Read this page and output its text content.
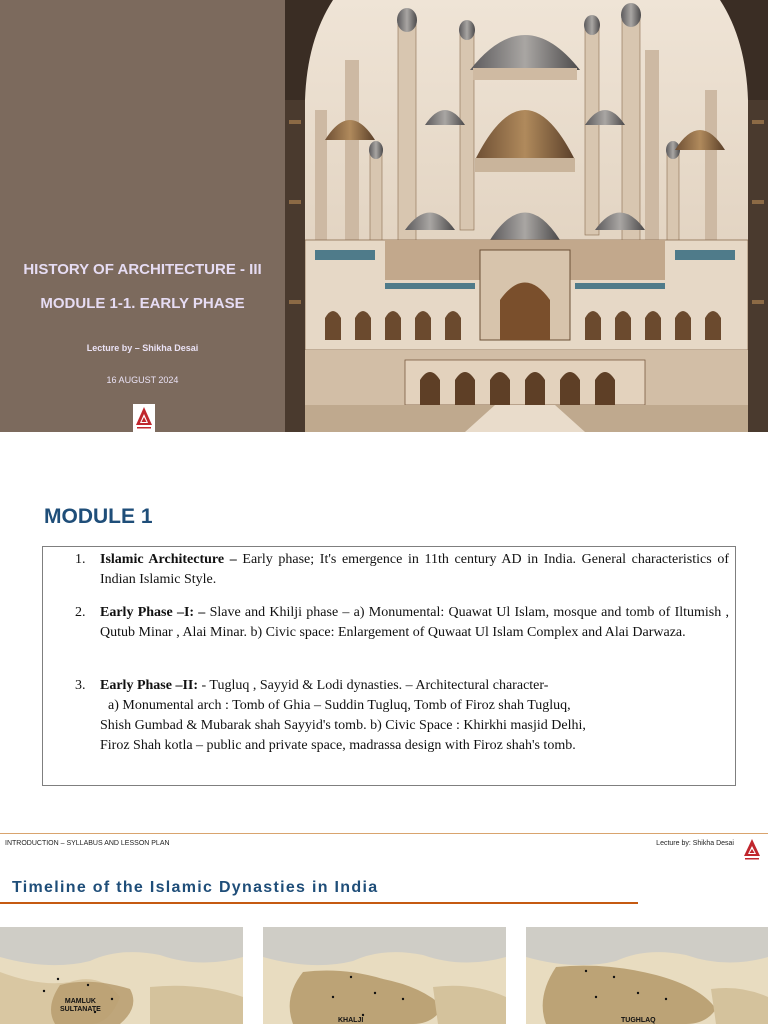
HISTORY OF ARCHITECTURE - III
MODULE 1-1. EARLY PHASE
Lecture by – Shikha Desai
16 AUGUST 2024
MODULE 1
1. Islamic Architecture – Early phase; It's emergence in 11th century AD in India. General characteristics of Indian Islamic Style.
2. Early Phase –I: – Slave and Khilji phase – a) Monumental: Quawat Ul Islam, mosque and tomb of Iltumish , Qutub Minar , Alai Minar. b) Civic space: Enlargement of Quwaat Ul Islam Complex and Alai Darwaza.
3. Early Phase –II: - Tugluq , Sayyid & Lodi dynasties. – Architectural character-
a) Monumental arch : Tomb of Ghia – Suddin Tugluq, Tomb of Firoz shah Tugluq,
Shish Gumbad & Mubarak shah Sayyid's tomb. b) Civic Space : Khirkhi masjid Delhi,
Firoz Shah kotla – public and private space, madrassa design with Firoz shah's tomb.
INTRODUCTION – SYLLABUS AND LESSON PLAN	Lecture by: Shikha Desai
Timeline of the Islamic Dynasties in India
MAMLUK
SULTANATE
KHALJI	TUGHLAQ
